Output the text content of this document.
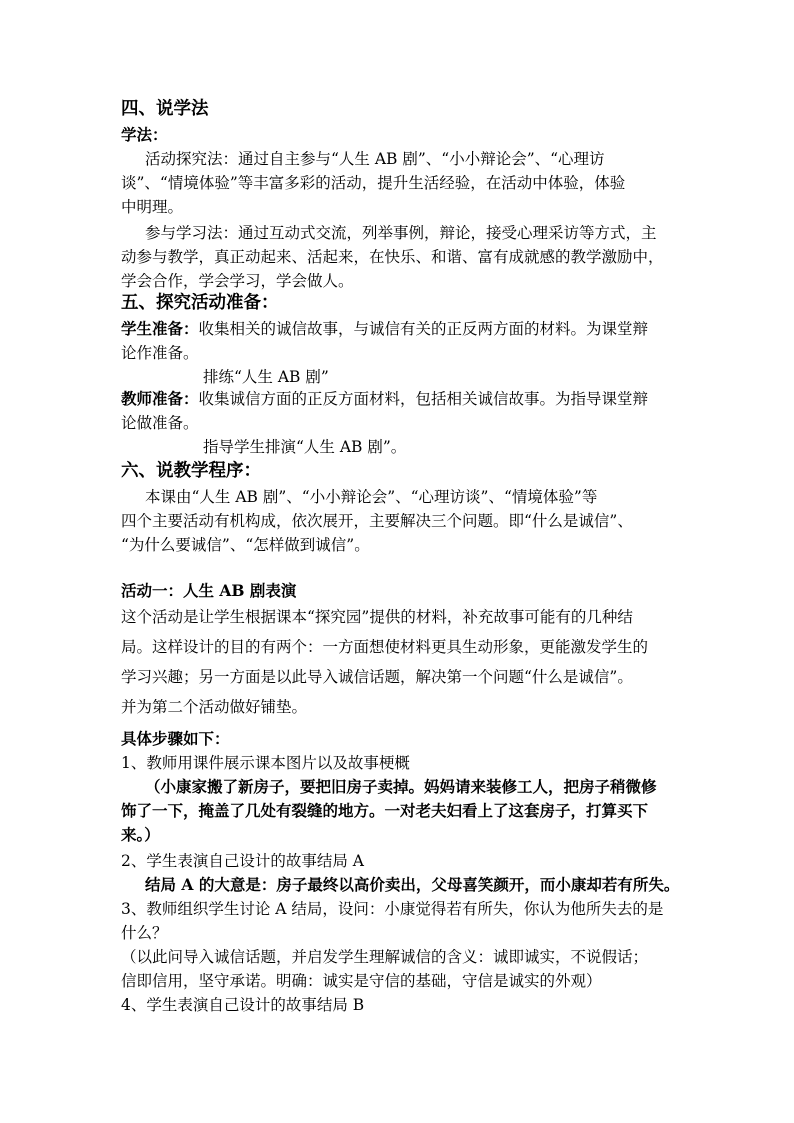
四、说学法
学法：
活动探究法：通过自主参与“人生 AB 剧”、“小小辩论会”、“心理访
谈”、“情境体验”等丰富多彩的活动，提升生活经验，在活动中体验，体验
中明理。
参与学习法：通过互动式交流，列举事例，辩论，接受心理采访等方式，主
动参与教学，真正动起来、活起来，在快乐、和谐、富有成就感的教学激励中，
学会合作，学会学习，学会做人。
五、探究活动准备：
学生准备：收集相关的诚信故事，与诚信有关的正反两方面的材料。为课堂辩
论作准备。
排练“人生 AB 剧”
教师准备：收集诚信方面的正反方面材料，包括相关诚信故事。为指导课堂辩
论做准备。
指导学生排演“人生 AB 剧”。
六、说教学程序：
本课由“人生 AB 剧”、“小小辩论会”、“心理访谈”、“情境体验”等
四个主要活动有机构成，依次展开，主要解决三个问题。即“什么是诚信”、
“为什么要诚信”、“怎样做到诚信”。
活动一：人生 AB 剧表演
这个活动是让学生根据课本“探究园”提供的材料，补充故事可能有的几种结
局。这样设计的目的有两个：一方面想使材料更具生动形象，更能激发学生的
学习兴趣；另一方面是以此导入诚信话题，解决第一个问题“什么是诚信”。
并为第二个活动做好铺垫。
具体步骤如下：
1、教师用课件展示课本图片以及故事梗概
（小康家搬了新房子，要把旧房子卖掉。妈妈请来装修工人，把房子稍微修
饰了一下，掩盖了几处有裂缝的地方。一对老夫妇看上了这套房子，打算买下
来。）
2、学生表演自己设计的故事结局 A
结局 A 的大意是：房子最终以高价卖出，父母喜笑颜开，而小康却若有所失。
3、教师组织学生讨论 A 结局，设问：小康觉得若有所失，你认为他所失去的是
什么？
（以此问导入诚信话题，并启发学生理解诚信的含义：诚即诚实，不说假话；
信即信用，坚守承诺。明确：诚实是守信的基础，守信是诚实的外观）
4、学生表演自己设计的故事结局 B
